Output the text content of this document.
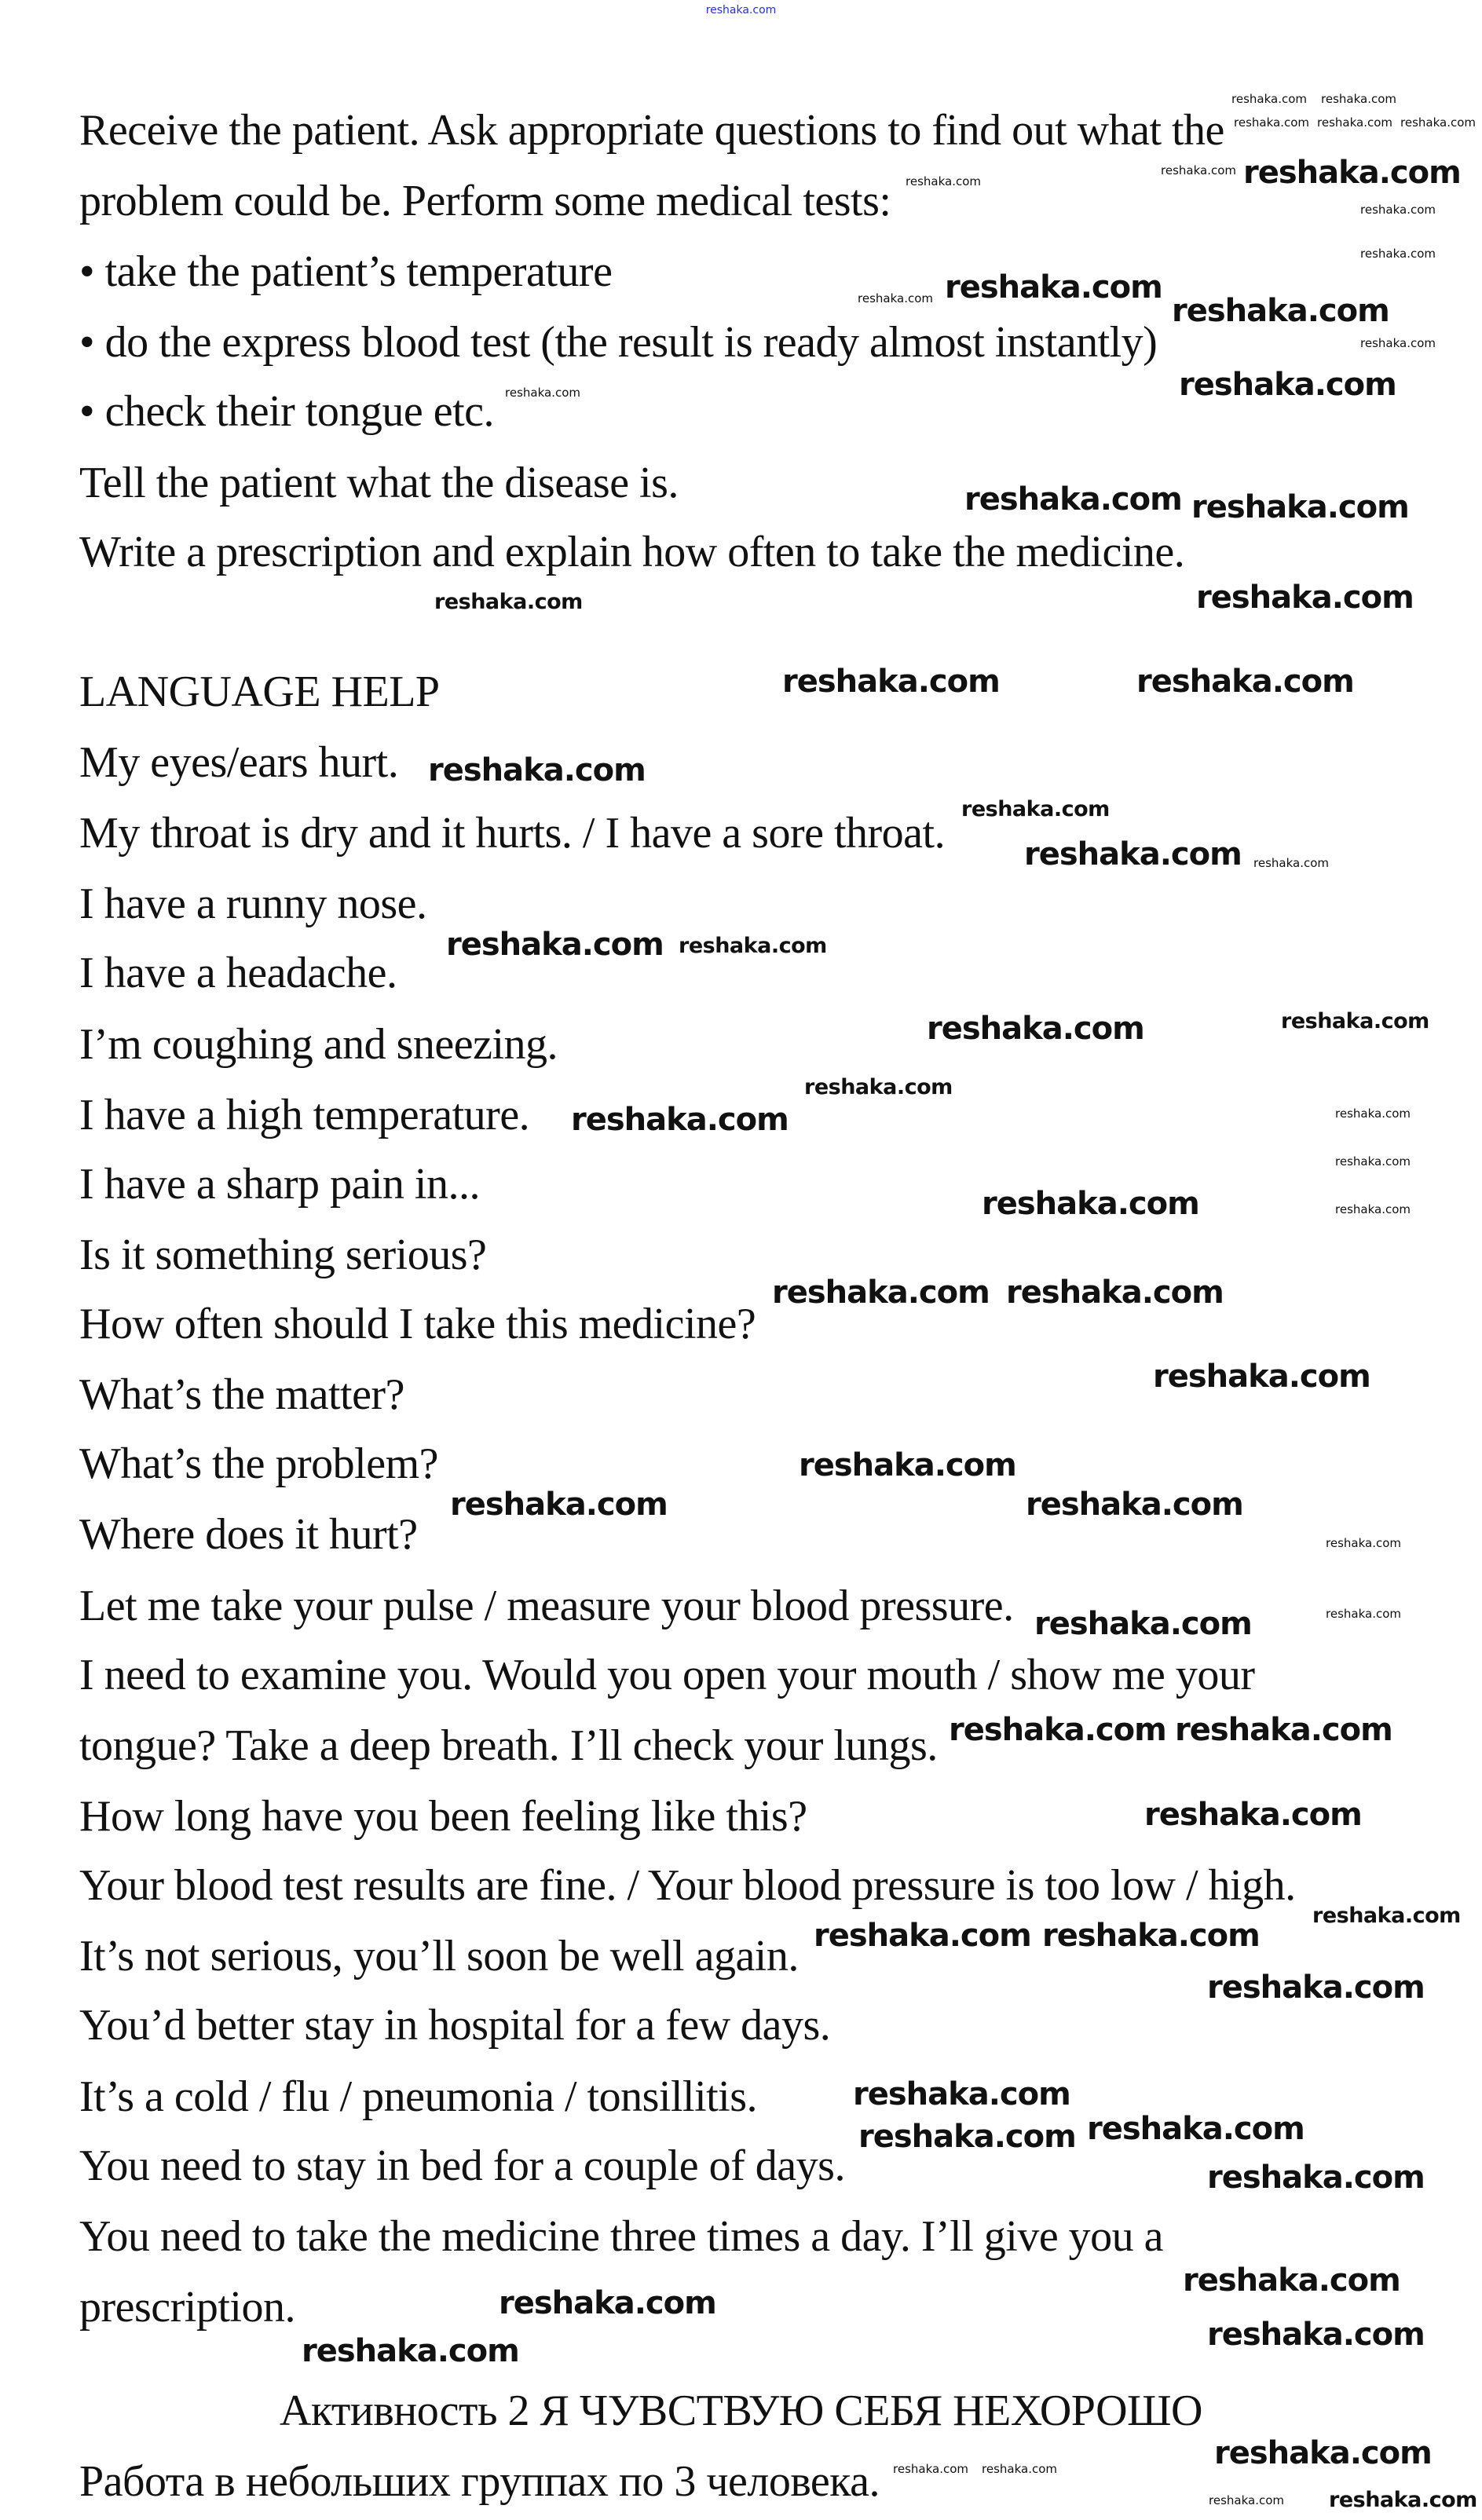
reshaka.com
Receive the patient. Ask appropriate questions to find out what the
problem could be. Perform some medical tests:
• take the patient’s temperature
• do the express blood test (the result is ready almost instantly)
• check their tongue etc.
Tell the patient what the disease is.
Write a prescription and explain how often to take the medicine.
LANGUAGE HELP
My eyes/ears hurt.
My throat is dry and it hurts. / I have a sore throat.
I have a runny nose.
I have a headache.
I’m coughing and sneezing.
I have a high temperature.
I have a sharp pain in...
Is it something serious?
How often should I take this medicine?
What’s the matter?
What’s the problem?
Where does it hurt?
Let me take your pulse / measure your blood pressure.
I need to examine you. Would you open your mouth / show me your
tongue? Take a deep breath. I’ll check your lungs.
How long have you been feeling like this?
Your blood test results are fine. / Your blood pressure is too low / high.
It’s not serious, you’ll soon be well again.
You’d better stay in hospital for a few days.
It’s a cold / flu / pneumonia / tonsillitis.
You need to stay in bed for a couple of days.
You need to take the medicine three times a day. I’ll give you a
prescription.
Активность 2 Я ЧУВСТВУЮ СЕБЯ НЕХОРОШО
Работа в небольших группах по 3 человека.
reshaka.com
reshaka.com
reshaka.com
reshaka.com
reshaka.com
reshaka.com
reshaka.com
reshaka.com	reshaka.com
reshaka.com
reshaka.com
reshaka.com
reshaka.com
reshaka.com
reshaka.com
reshaka.com reshaka.com
reshaka.com
reshaka.com
reshaka.com	reshaka.com
reshaka.com
reshaka.com reshaka.com
reshaka.com
reshaka.com reshaka.com
reshaka.com
reshaka.com
reshaka.com
reshaka.com
reshaka.com
reshaka.com
reshaka.com
reshaka.com	reshaka.com
reshaka.com
reshaka.com
reshaka.com
reshaka.com
reshaka.com
reshaka.com
reshaka.com
reshaka.com
reshaka.com reshaka.com reshaka.com
reshaka.com reshaka.com
reshaka.com
reshaka.com
reshaka.com
reshaka.com
reshaka.com
reshaka.com
reshaka.com
reshaka.com
reshaka.com
reshaka.com
reshaka.com
reshaka.com
reshaka.com
reshaka.com reshaka.com
reshaka.com
